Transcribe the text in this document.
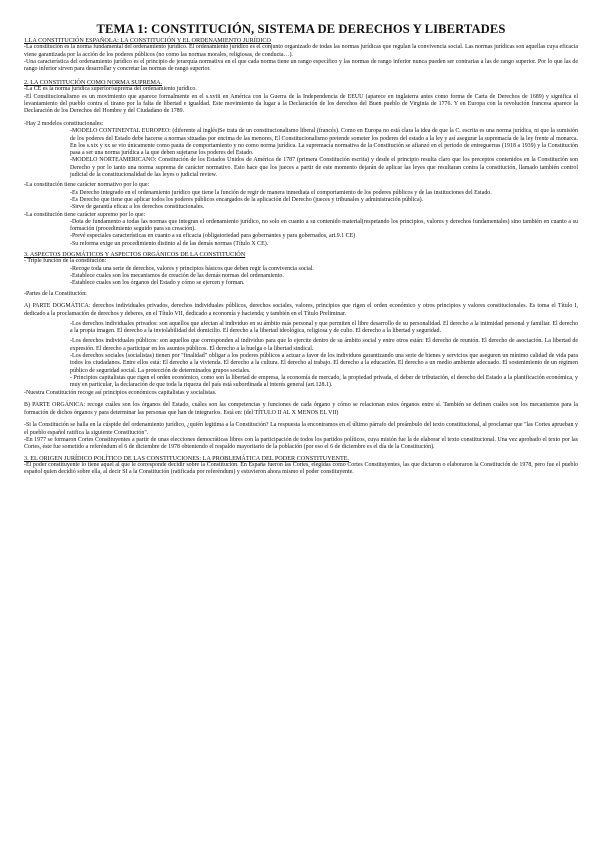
TEMA 1: CONSTITUCIÓN, SISTEMA DE DERECHOS Y LIBERTADES

1.LA CONSTITUCIÓN ESPAÑOLA: LA CONSTITUCIÓN Y EL ORDENAMIENTO JURÍDICO

-La constitución es la norma fundamental del ordenamiento jurídico. El ordenamiento jurídico es el conjunto organizado de todas las normas jurídicas que regulan la convivencia social. Las normas jurídicas son aquellas cuya eficacia viene garantizada por la acción de los poderes públicos (no como las normas morales, religiosas, de conducta…).

-Una característica del ordenamiento jurídico es el principio de jerarquía normativa en el que cada norma tiene un rango específico y las normas de rango inferior nunca pueden ser contrarias a las de rango superior. Por lo que las de rango inferior sirven para desarrollar y concretar las normas de rango superior.

2. LA CONSTITUCIÓN COMO NORMA SUPREMA.

-La CE es la norma jurídica superior/suprema del ordenamiento jurídico.

-El Constitucionalismo es un movimiento que aparece formalmente en el s.xviii en América con la Guerra de la Independencia de EEUU (aparece en inglaterra antes como forma de Carta de Derechos de 1689) y significa el levantamiento del pueblo contra el tirano por la falta de libertad e igualdad. Este movimiento da lugar a la Declaración de los derechos del Buen pueblo de Virginia de 1776. Y en Europa con la revolución francesa aparece la Declaración de los Derechos del Hombre y del Ciudadano de 1789.

-Hay 2 modelos constitucionales:

-MODELO CONTINENTAL EUROPEO: (diferente al inglés)Se trata de un constitucionalismo liberal (francés). Como en Europa no está clara la idea de que la C. escrita es una norma jurídica, ni que la sumisión de los poderes del Estado debe hacerse a normas situadas por encima de las menores, El Constitucionalismo pretende someter los poderes del estado a la ley y así asegurar la supremacía de la ley frente al monarca. En los s.xix y xx se vio únicamente como pauta de comportamiento y no como norma jurídica. La supremacía normativa de la Constitución se afianzó en el periodo de entreguerras (1918 a 1939) y la Constitución pasa a ser una norma jurídica a la que deben sujetarse los poderes del Estado.

-MODELO NORTEAMERICANO: Constitución de los Estados Unidos de América de 1787 (primera Constitución escrita) y desde el principio resulta claro que los preceptos contenidos en la Constitución son Derecho y por lo tanto una norma suprema de carácter normativo. Esto hace que los jueces a partir de este momento dejarán de aplicar las leyes que resultaran contra la constitución, llamado también control judicial de la constitucionalidad de las leyes o judicial review.

-La constitución tiene carácter normativo por lo que:

-Es Derecho integrado en el ordenamiento jurídico que tiene la función de regir de manera inmediata el comportamiento de los poderes públicos y de las instituciones del Estado.

-Es Derecho que tiene que aplicar todos los poderes públicos encargados de la aplicación del Derecho (jueces y tribunales y administración pública).

-Sirve de garantía eficaz a los derechos constitucionales.

-La constitución tiene carácter supremo por lo que:

-Dota de fundamento a todas las normas que integran el ordenamiento jurídico, no solo en cuanto a su contenido material(respetando los principios, valores y derechos fundamentales) sino también en cuanto a su formación (procedimiento seguido para su creación).

-Prevé especiales características en cuanto a su eficacia (obligatoriedad para gobernantes y para gobernados, art.9.1 CE)

-Su reforma exige un procedimiento distinto al de las demás normas (Título X CE).

3. ASPECTOS DOGMÁTICOS Y ASPECTOS ORGÁNICOS DE LA CONSTITUCIÓN

- Triple función de la constitución:

-Recoge toda una serie de derechos, valores y principios básicos que deben regir la convivencia social.

-Establece cuales son los mecanismos de creación de las demás normas del ordenamiento.

-Establece cuales son los órganos del Estado y cómo se ejercen y forman.

-Partes de la Constitución:

A) PARTE DOGMÁTICA: derechos individuales privados, derechos individuales públicos, derechos sociales, valores, principios que rigen el orden económico y otros principios y valores constitucionales. Es toma el Título I, dedicado a la proclamación de derechos y deberes, en el Título VII, dedicado a economía y hacienda; y también en el Título Preliminar.

-Los derechos individuales privados: son aquellos que afectan al individuo en su ámbito más personal y que permiten el libre desarrollo de su personalidad. El derecho a la intimidad personal y familiar. El derecho a la propia imagen. El derecho a la inviolabilidad del domicilio. El derecho a la libertad ideológica, religiosa y de culto. El derecho a la libertad y seguridad.

-Los derechos individuales públicos: son aquellos que corresponden al individuo para que lo ejercite dentro de su ámbito social y entre otros están: El derecho de reunión. El derecho de asociación. La libertad de expresión. El derecho a participar en los asuntos públicos. El derecho a la huelga o la libertad sindical.

-Los derechos sociales (socialistas) tienen por "finalidad" obligar a los poderes públicos a actuar a favor de los individuos garantizando una serie de bienes y servicios que aseguren un mínimo calidad de vida para todos los ciudadanos. Entre ellos está: El derecho a la vivienda. El derecho a la cultura. El derecho al trabajo. El derecho a la educación. El derecho a un medio ambiente adecuado. El sostenimiento de un régimen público de seguridad social. La protección de determinados grupos sociales.

- Principios capitalistas que rigen el orden económico, como son la libertad de empresa, la economía de mercado, la propiedad privada, el deber de tributación, el derecho del Estado a la planificación económica, y muy en particular, la declaración de que toda la riqueza del país está subordinada al interés general (art.128.1).

-Nuestra Constitución recoge así principios económicos capitalistas y socialistas.

B) PARTE ORGÁNICA: recoge cuáles son los órganos del Estado, cuáles son las competencias y funciones de cada órgano y cómo se relacionan estos órganos entre sí. También se definen cuáles son los mecanismos para la formación de dichos órganos y para determinar las personas que han de integrarlos. Está en: (del TÍTULO II AL X MENOS EL VII)

-Si la Constitución se halla en la cúspide del ordenamiento jurídico, ¿quién legitima a la Constitución? La respuesta la encontramos en el último párrafo del preámbulo del texto constitucional, al proclamar que "las Cortes aprueban y el pueblo español ratifica la siguiente Constitución".

-En 1977 se formaron Cortes Constituyentes a partir de unas elecciones democráticas libres con la participación de todos los partidos políticos, cuya misión fue la de elaborar el texto constitucional. Una vez aprobado el texto por las Cortes, éste fue sometido a referéndum el 6 de diciembre de 1978 obteniendo el respaldo mayoritario de la población (por eso el 6 de diciembre es el día de la Constitución).

3. EL ORIGEN JURÍDICO POLÍTICO DE LAS CONSTITUCIONES: LA PROBLEMÁTICA DEL PODER CONSTITUYENTE.

-El poder constituyente lo tiene aquel al que le corresponde decidir sobre la Constitución. En España fueron las Cortes, elegidas como Cortes Constituyentes, las que dictaron o elaboraron la Constitución de 1978, pero fue el pueblo español quien decidió sobre ella, al decir SI a la Constitución (ratificada por referéndum) y estuvieron ahora mismo el poder constituyente.
